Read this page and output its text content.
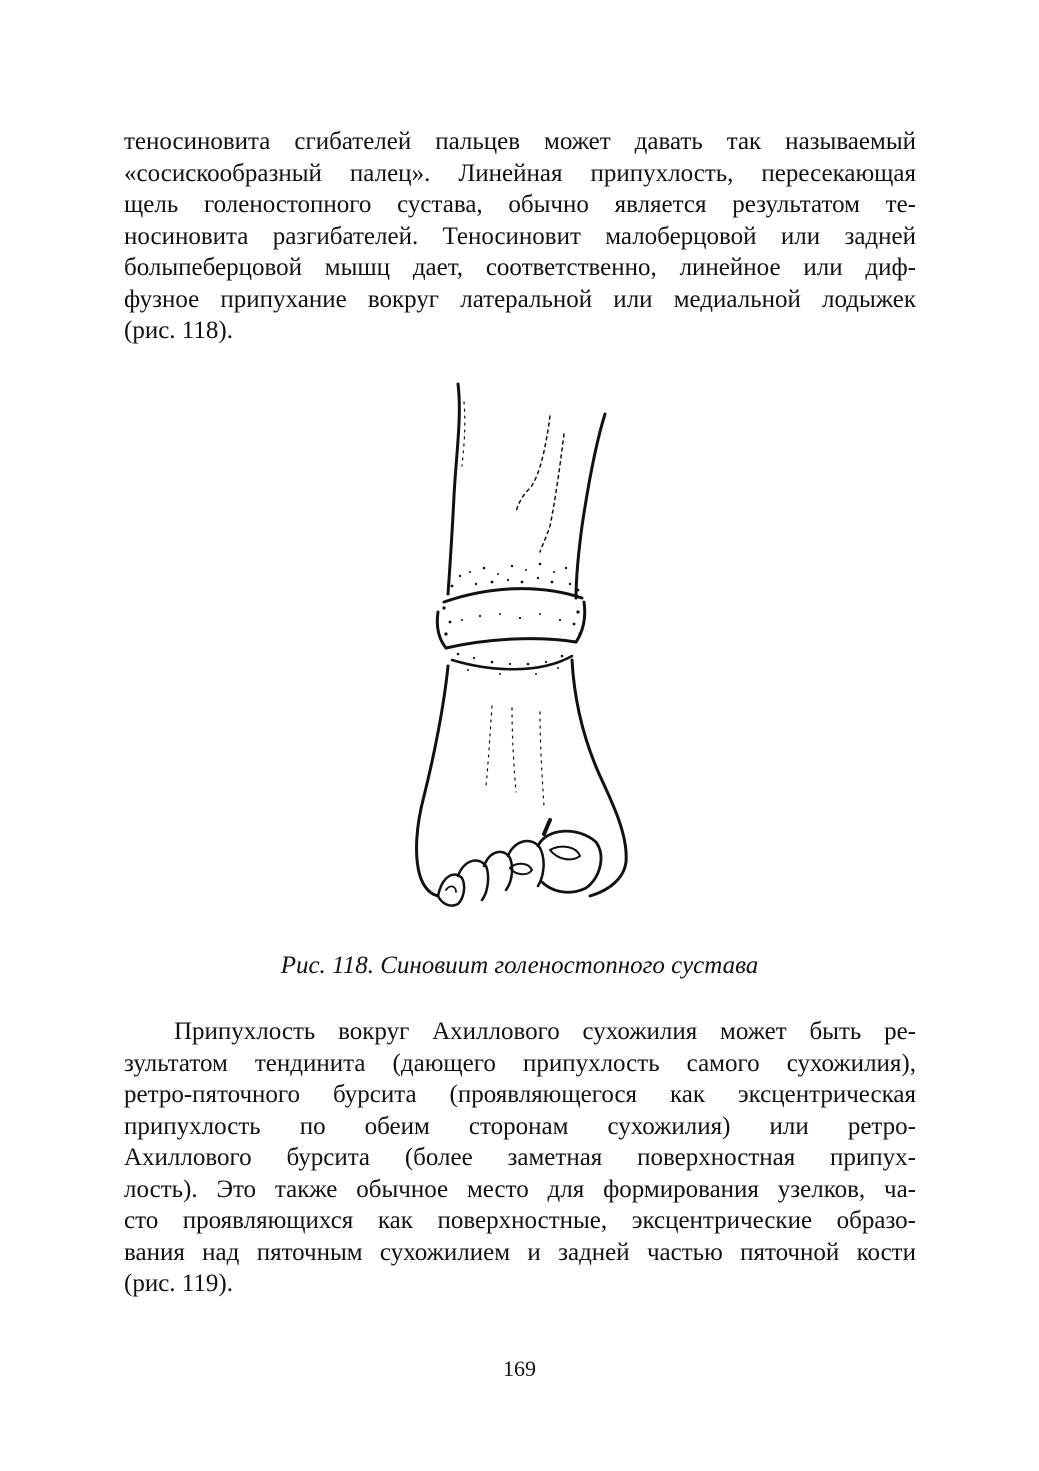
теносиновита сгибателей пальцев может давать так называемый
«сосискообразный палец». Линейная припухлость, пересекающая
щель голеностопного сустава, обычно является результатом те-
носиновита разгибателей. Теносиновит малоберцовой или задней
болыпеберцовой мышц дает, соответственно, линейное или диф-
фузное припухание вокруг латеральной или медиальной лодыжек
(рис. 118).
Рис. 118. Синовиит голеностопного сустава
Припухлость вокруг Ахиллового сухожилия может быть ре-
зультатом тендинита (дающего припухлость самого сухожилия),
ретро-пяточного бурсита (проявляющегося как эксцентрическая
припухлость по обеим сторонам сухожилия) или ретро-
Ахиллового бурсита (более заметная поверхностная припух-
лость). Это также обычное место для формирования узелков, ча-
сто проявляющихся как поверхностные, эксцентрические образо-
вания над пяточным сухожилием и задней частью пяточной кости
(рис. 119).
169
